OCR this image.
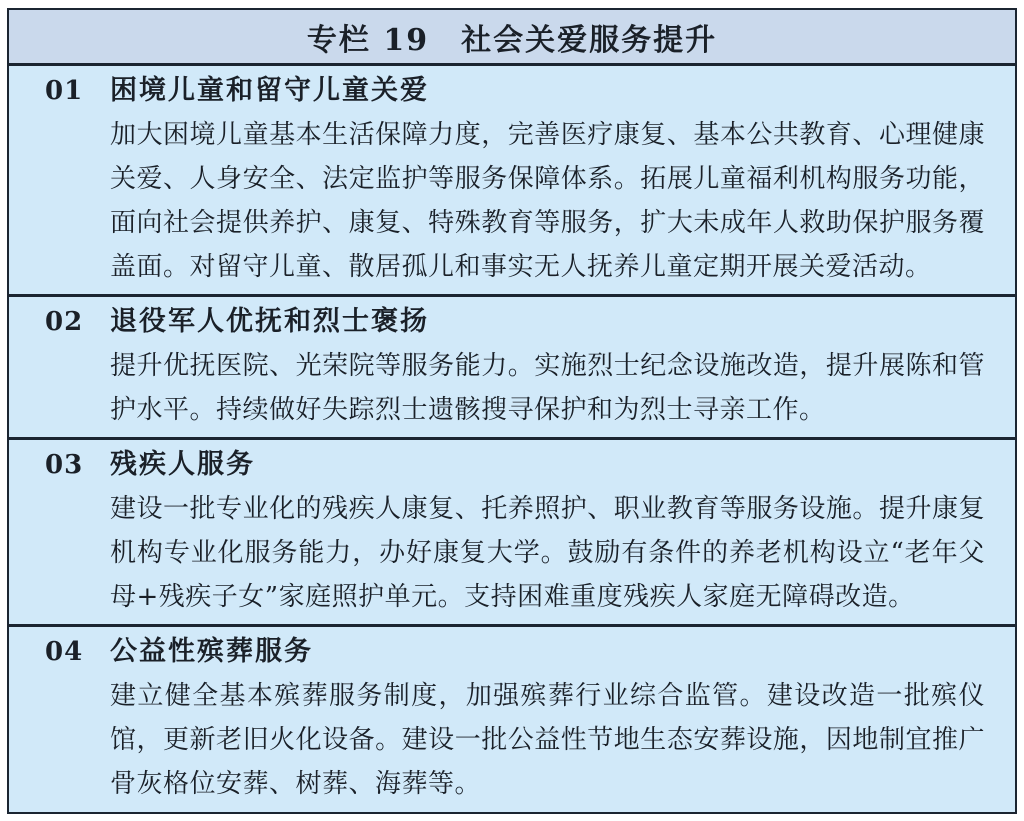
专栏 19　社会关爱服务提升
01 困境儿童和留守儿童关爱
加大困境儿童基本生活保障力度，完善医疗康复、基本公共教育、心理健康关爱、人身安全、法定监护等服务保障体系。拓展儿童福利机构服务功能，面向社会提供养护、康复、特殊教育等服务，扩大未成年人救助保护服务覆盖面。对留守儿童、散居孤儿和事实无人抚养儿童定期开展关爱活动。
02 退役军人优抚和烈士褒扬
提升优抚医院、光荣院等服务能力。实施烈士纪念设施改造，提升展陈和管护水平。持续做好失踪烈士遗骸搜寻保护和为烈士寻亲工作。
03 残疾人服务
建设一批专业化的残疾人康复、托养照护、职业教育等服务设施。提升康复机构专业化服务能力，办好康复大学。鼓励有条件的养老机构设立“老年父母+残疾子女”家庭照护单元。支持困难重度残疾人家庭无障碍改造。
04 公益性殡葬服务
建立健全基本殡葬服务制度，加强殡葬行业综合监管。建设改造一批殡仪馆，更新老旧火化设备。建设一批公益性节地生态安葬设施，因地制宜推广骨灰格位安葬、树葬、海葬等。
